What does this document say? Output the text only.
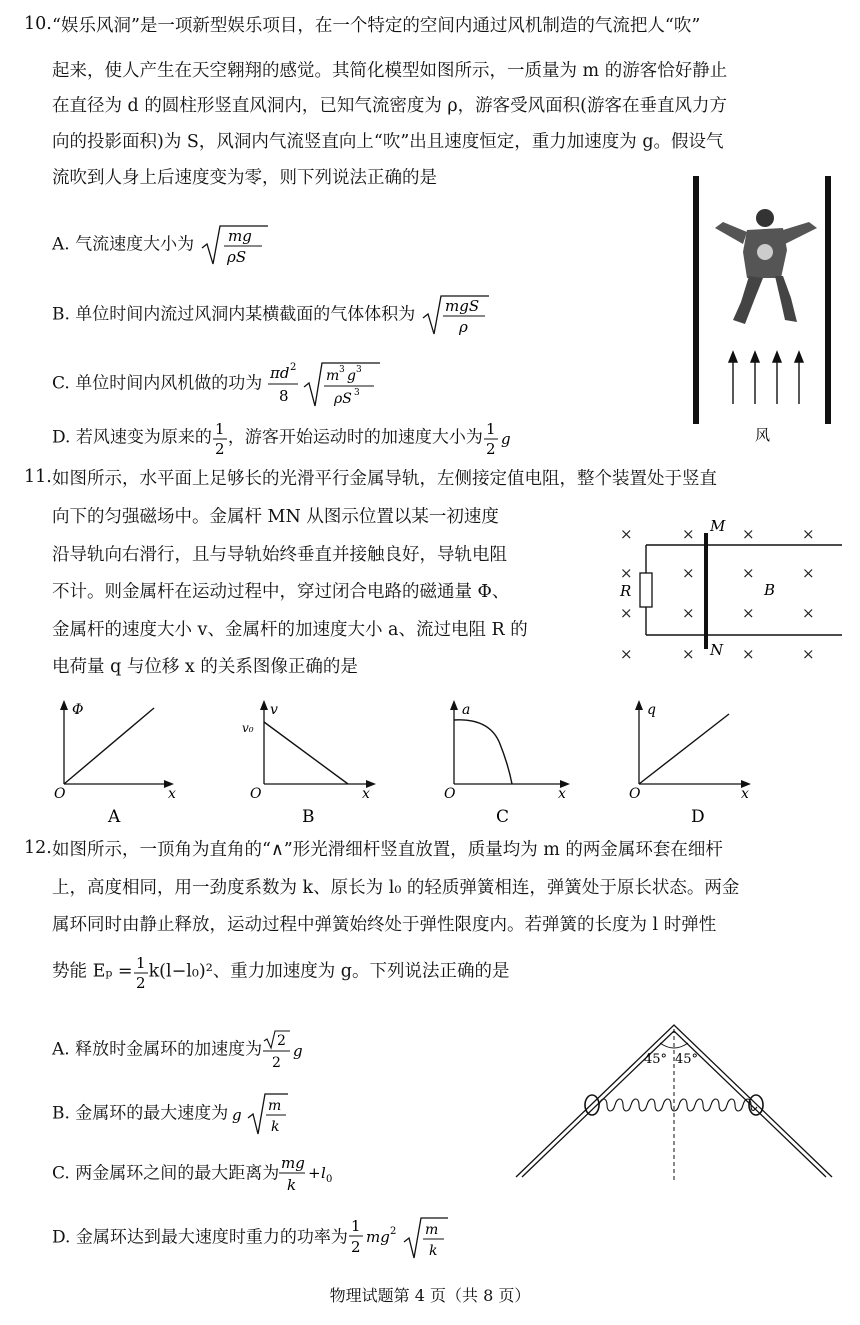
10. “娱乐风洞”是一项新型娱乐项目，在一个特定的空间内通过风机制造的气流把人“吹”
起来，使人产生在天空翱翔的感觉。其简化模型如图所示，一质量为 m 的游客恰好静止
在直径为 d 的圆柱形竖直风洞内，已知气流密度为 ρ，游客受风面积(游客在垂直风力方
向的投影面积)为 S，风洞内气流竖直向上“吹”出且速度恒定，重力加速度为 g。假设气
流吹到人身上后速度变为零，则下列说法正确的是
A. 气流速度大小为 mg
ρS
B. 单位时间内流过风洞内某横截面的气体体积为 mgS
ρ
C. 单位时间内风机做的功为
πd 2
8
m 3 g 3
ρS 3
D. 若风速变为原来的 1
2
，游客开始运动时的加速度大小为 1
2
g	风
11. 如图所示，水平面上足够长的光滑平行金属导轨，左侧接定值电阻，整个装置处于竖直
向下的匀强磁场中。金属杆 MN 从图示位置以某一初速度
沿导轨向右滑行，且与导轨始终垂直并接触良好，导轨电阻
不计。则金属杆在运动过程中，穿过闭合电路的磁通量 Φ、
金属杆的速度大小 v、金属杆的加速度大小 a、流过电阻 R 的
电荷量 q 与位移 x 的关系图像正确的是
×	×	×	×
×	×	×	×
×	×	×	×
×	×	×	×
R
M
N
B
Φ
x
O
A
v
v₀
x
O
B
a
x
O
C
q
x
O
D
12. 如图所示，一顶角为直角的“∧”形光滑细杆竖直放置，质量均为 m 的两金属环套在细杆
上，高度相同，用一劲度系数为 k、原长为 l₀ 的轻质弹簧相连，弹簧处于原长状态。两金
属环同时由静止释放，运动过程中弹簧始终处于弹性限度内。若弹簧的长度为 l 时弹性
势能 Eₚ = 1
2
k(l−l₀)²、重力加速度为 g。下列说法正确的是
A. 释放时金属环的加速度为 2
2
g
B. 金属环的最大速度为 g m
k
C. 两金属环之间的最大距离为
mg
k
+ l 0
D. 金属环达到最大速度时重力的功率为
1
2
mg 2 m
k
45° 45°
物理试题第 4 页（共 8 页）
